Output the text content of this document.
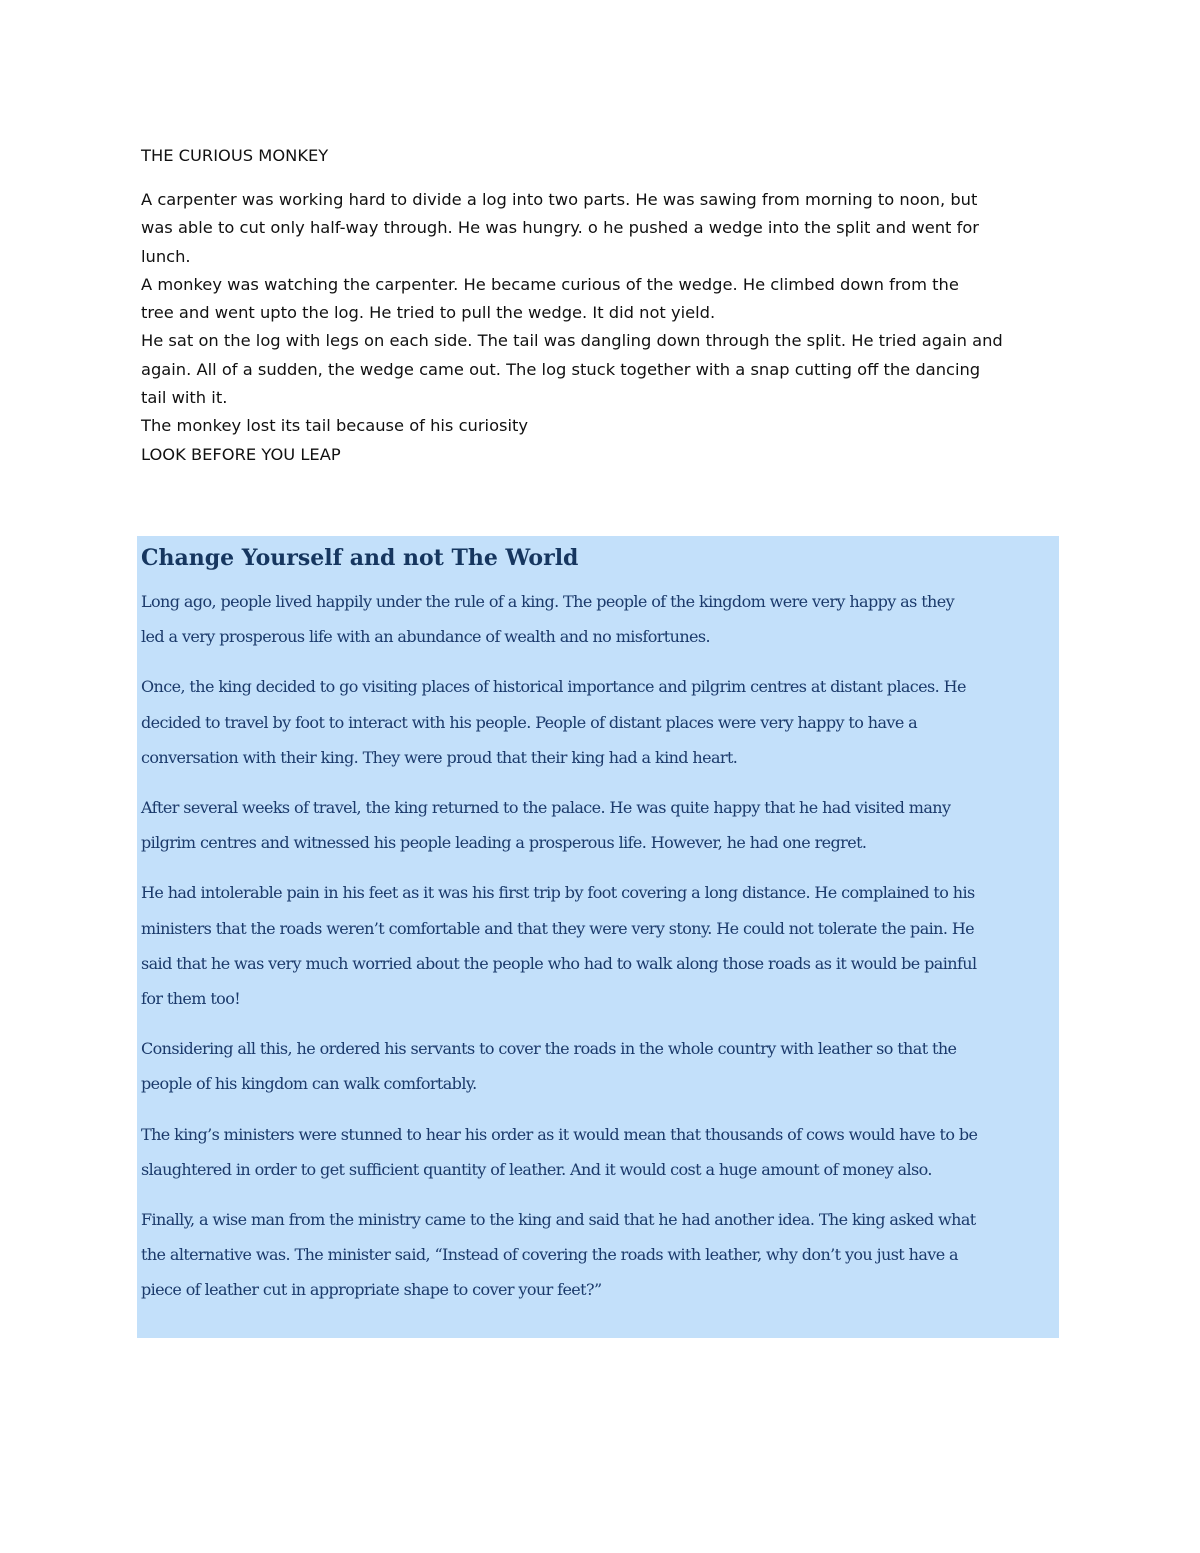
THE CURIOUS MONKEY

A carpenter was working hard to divide a log into two parts. He was sawing from morning to noon, but

was able to cut only half-way through. He was hungry. o he pushed a wedge into the split and went for

lunch.

A monkey was watching the carpenter. He became curious of the wedge. He climbed down from the

tree and went upto the log. He tried to pull the wedge. It did not yield.

He sat on the log with legs on each side. The tail was dangling down through the split. He tried again and

again. All of a sudden, the wedge came out. The log stuck together with a snap cutting off the dancing

tail with it.

The monkey lost its tail because of his curiosity

LOOK BEFORE YOU LEAP

Change Yourself and not The World
Long ago, people lived happily under the rule of a king. The people of the kingdom were very happy as they
led a very prosperous life with an abundance of wealth and no misfortunes.
Once, the king decided to go visiting places of historical importance and pilgrim centres at distant places. He
decided to travel by foot to interact with his people. People of distant places were very happy to have a
conversation with their king. They were proud that their king had a kind heart.
After several weeks of travel, the king returned to the palace. He was quite happy that he had visited many
pilgrim centres and witnessed his people leading a prosperous life. However, he had one regret.
He had intolerable pain in his feet as it was his first trip by foot covering a long distance. He complained to his
ministers that the roads weren’t comfortable and that they were very stony. He could not tolerate the pain. He
said that he was very much worried about the people who had to walk along those roads as it would be painful
for them too!
Considering all this, he ordered his servants to cover the roads in the whole country with leather so that the
people of his kingdom can walk comfortably.
The king’s ministers were stunned to hear his order as it would mean that thousands of cows would have to be
slaughtered in order to get sufficient quantity of leather. And it would cost a huge amount of money also.
Finally, a wise man from the ministry came to the king and said that he had another idea. The king asked what
the alternative was. The minister said, “Instead of covering the roads with leather, why don’t you just have a
piece of leather cut in appropriate shape to cover your feet?”
